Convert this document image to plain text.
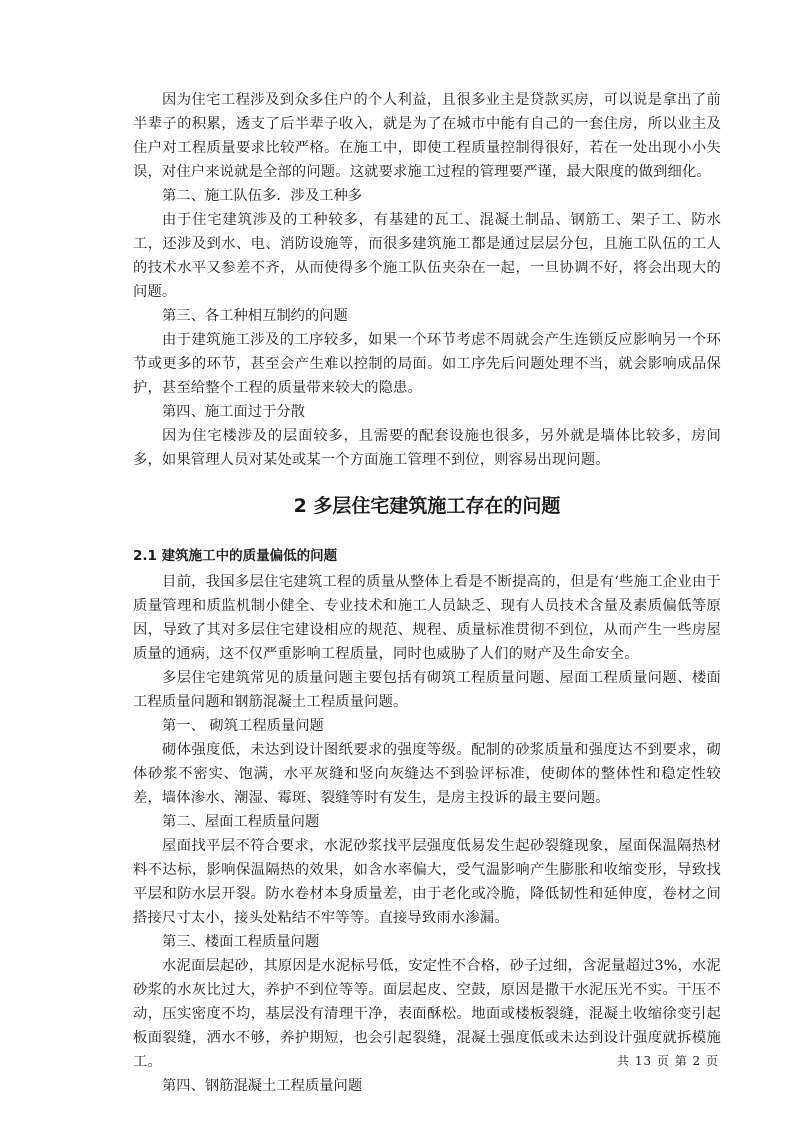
因为住宅工程涉及到众多住户的个人利益，且很多业主是贷款买房，可以说是拿出了前半辈子的积累，透支了后半辈子收入，就是为了在城市中能有自己的一套住房，所以业主及住户对工程质量要求比较严格。在施工中，即使工程质量控制得很好，若在一处出现小小失误，对住户来说就是全部的问题。这就要求施工过程的管理要严谨，最大限度的做到细化。

第二、施工队伍多．涉及工种多

由于住宅建筑涉及的工种较多，有基建的瓦工、混凝土制品、钢筋工、架子工、防水工，还涉及到水、电、消防设施等，而很多建筑施工都是通过层层分包，且施工队伍的工人的技术水平又参差不齐，从而使得多个施工队伍夹杂在一起，一旦协调不好，将会出现大的问题。

第三、各工种相互制约的问题

由于建筑施工涉及的工序较多，如果一个环节考虑不周就会产生连锁反应影响另一个环节或更多的环节，甚至会产生难以控制的局面。如工序先后问题处理不当，就会影响成品保护，甚至给整个工程的质量带来较大的隐患。

第四、施工面过于分散

因为住宅楼涉及的层面较多，且需要的配套设施也很多，另外就是墙体比较多，房间多，如果管理人员对某处或某一个方面施工管理不到位，则容易出现问题。

2 多层住宅建筑施工存在的问题
2.1 建筑施工中的质量偏低的问题

目前，我国多层住宅建筑工程的质量从整体上看是不断提高的，但是有‘些施工企业由于质量管理和质监机制小健全、专业技术和施工人员缺乏、现有人员技术含量及素质偏低等原因，导致了其对多层住宅建设相应的规范、规程、质量标准贯彻不到位，从而产生一些房屋质量的通病，这不仅严重影响工程质量，同时也威胁了人们的财产及生命安全。

多层住宅建筑常见的质量问题主要包括有砌筑工程质量问题、屋面工程质量问题、楼面工程质量问题和钢筋混凝土工程质量问题。

第一、 砌筑工程质量问题

砌体强度低，未达到设计图纸要求的强度等级。配制的砂浆质量和强度达不到要求，砌体砂浆不密实、饱满，水平灰缝和竖向灰缝达不到验评标准，使砌体的整体性和稳定性较差，墙体渗水、潮湿、霉斑、裂缝等时有发生，是房主投诉的最主要问题。

第二、屋面工程质量问题

屋面找平层不符合要求，水泥砂浆找平层强度低易发生起砂裂缝现象，屋面保温隔热材料不达标，影响保温隔热的效果，如含水率偏大，受气温影响产生膨胀和收缩变形，导致找平层和防水层开裂。防水卷材本身质量差，由于老化或冷脆，降低韧性和延伸度，卷材之间搭接尺寸太小，接头处粘结不牢等等。直接导致雨水渗漏。

第三、楼面工程质量问题

水泥面层起砂，其原因是水泥标号低，安定性不合格，砂子过细，含泥量超过3%，水泥砂浆的水灰比过大，养护不到位等等。面层起皮、空鼓，原因是撒干水泥压光不实。干压不动，压实密度不均，基层没有清理干净，表面酥松。地面或楼板裂缝，混凝土收缩徐变引起板面裂缝，洒水不够，养护期短，也会引起裂缝，混凝土强度低或未达到设计强度就拆模施工。

第四、钢筋混凝土工程质量问题

共 13 页 第 2 页
